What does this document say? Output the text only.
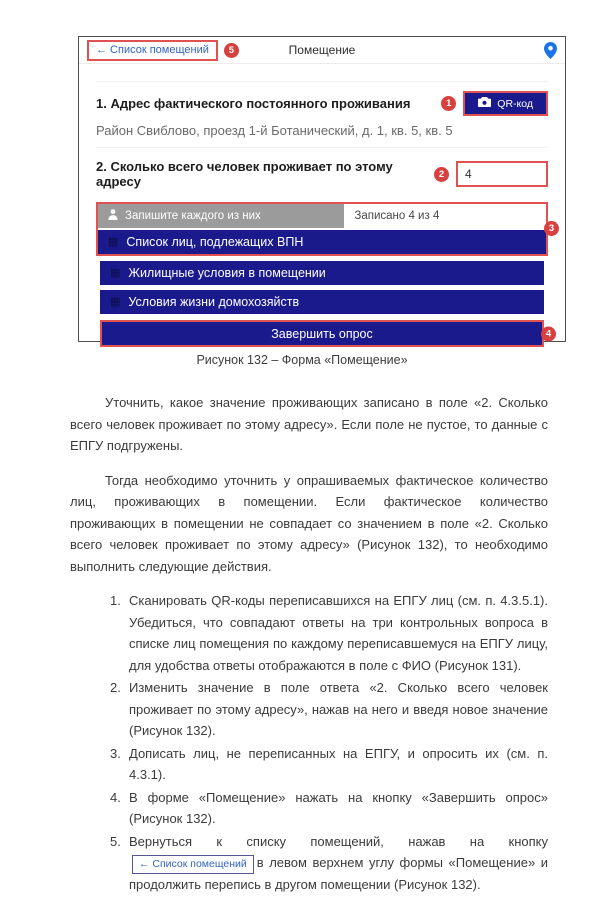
← Список помещений	5	Помещение
1. Адрес фактического постоянного проживания	1	QR-код
Район Свиблово, проезд 1-й Ботанический, д. 1, кв. 5, кв. 5
2. Сколько всего человек проживает по этому адресу	2
4
Запишите каждого из них	Записано 4 из 4
▦ Список лиц, подлежащих ВПН
3
▦ Жилищные условия в помещении
▦ Условия жизни домохозяйств
Завершить опрос	4
Рисунок 132 – Форма «Помещение»
Уточнить, какое значение проживающих записано в поле «2. Сколько всего человек проживает по этому адресу». Если поле не пустое, то данные с ЕПГУ подгружены.
Тогда необходимо уточнить у опрашиваемых фактическое количество лиц, проживающих в помещении. Если фактическое количество проживающих в помещении не совпадает со значением в поле «2. Сколько всего человек проживает по этому адресу» (Рисунок 132), то необходимо выполнить следующие действия.
1. Сканировать QR-коды переписавшихся на ЕПГУ лиц (см. п. 4.3.5.1). Убедиться, что совпадают ответы на три контрольных вопроса в списке лиц помещения по каждому переписавшемуся на ЕПГУ лицу, для удобства ответы отображаются в поле с ФИО (Рисунок 131).
2. Изменить значение в поле ответа «2. Сколько всего человек проживает по этому адресу», нажав на него и введя новое значение (Рисунок 132).
3. Дописать лиц, не переписанных на ЕПГУ, и опросить их (см. п. 4.3.1).
4. В форме «Помещение» нажать на кнопку «Завершить опрос» (Рисунок 132).
5. Вернуться к списку помещений, нажав на кнопку← Список помещений в левом верхнем углу формы «Помещение» и продолжить перепись в другом помещении (Рисунок 132).
